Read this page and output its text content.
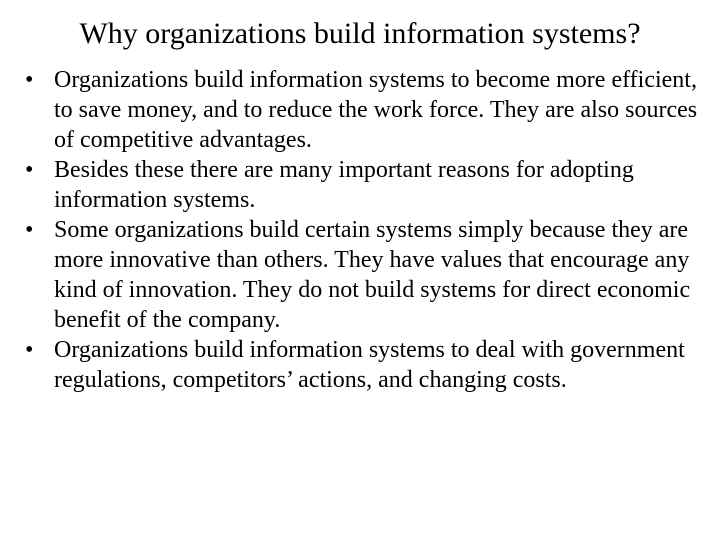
Why organizations build information systems?
• Organizations build information systems to become more efficient, to save money, and to reduce the work force. They are also sources of competitive advantages.
• Besides these there are many important reasons for adopting information systems.
• Some organizations build certain systems simply because they are more innovative than others. They have values that encourage any kind of innovation. They do not build systems for direct economic benefit of the company.
• Organizations build information systems to deal with government regulations, competitors’ actions, and changing costs.
